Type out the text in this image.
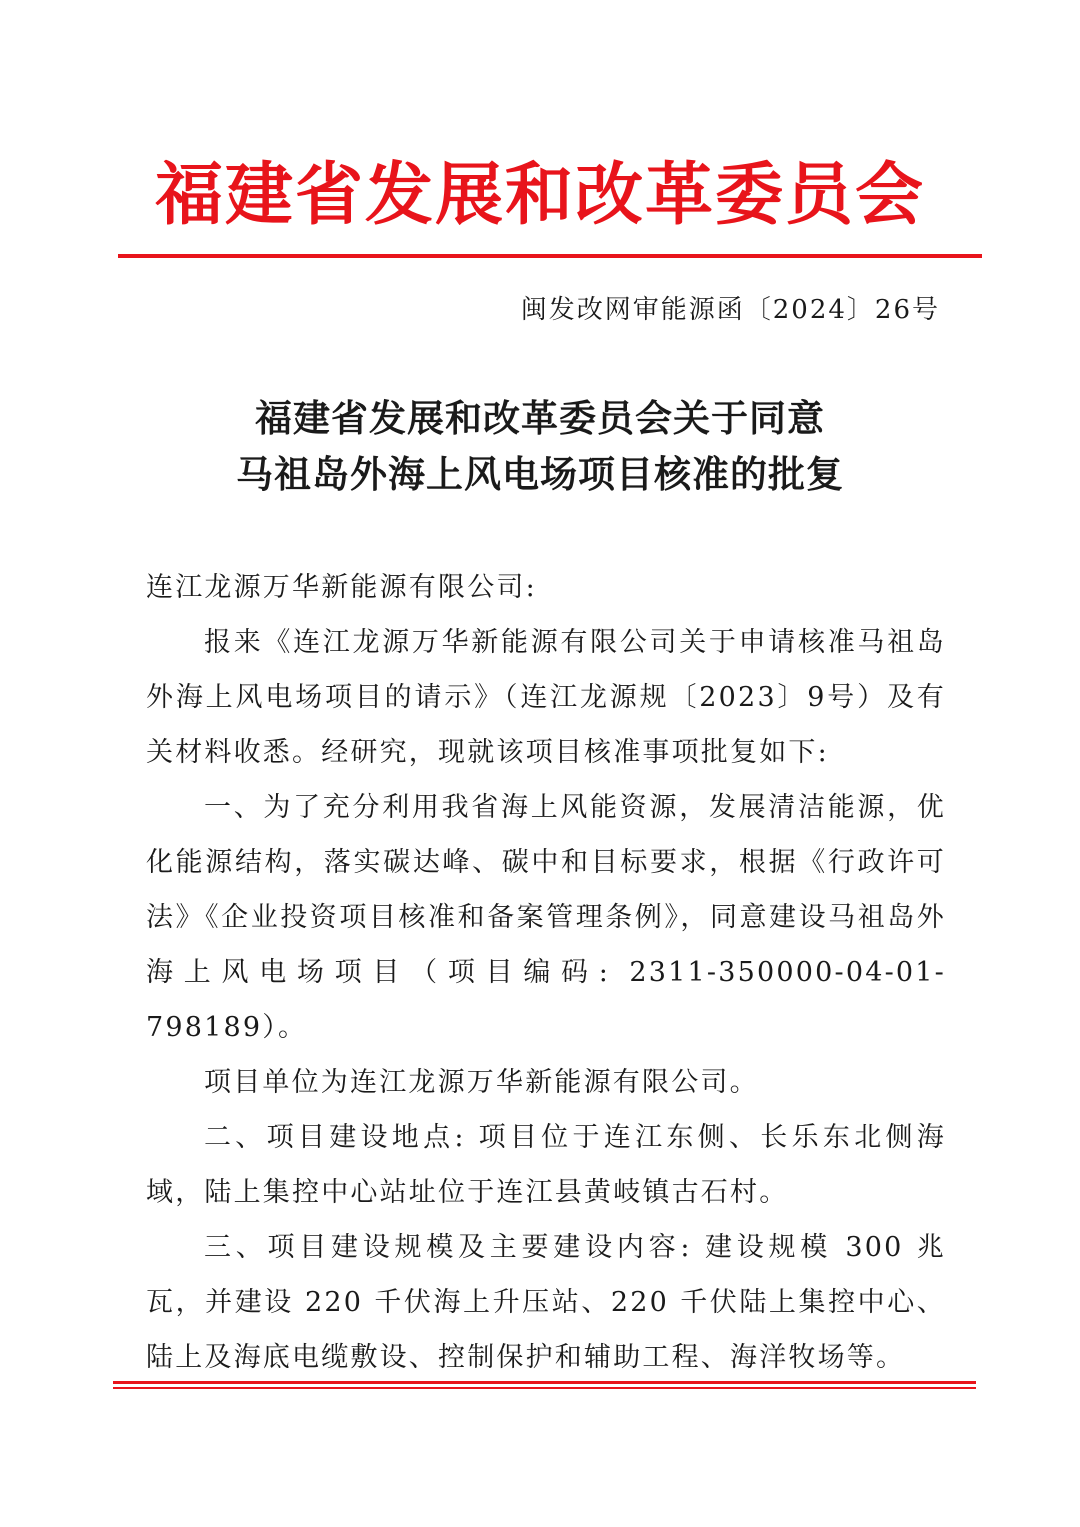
福建省发展和改革委员会
闽发改网审能源函〔2024〕26号
福建省发展和改革委员会关于同意
马祖岛外海上风电场项目核准的批复

连江龙源万华新能源有限公司:

报来《连江龙源万华新能源有限公司关于申请核准马祖岛外海上风电场项目的请示》（连江龙源规〔2023〕9号）及有关材料收悉。经研究，现就该项目核准事项批复如下:

一、为了充分利用我省海上风能资源，发展清洁能源，优化能源结构，落实碳达峰、碳中和目标要求，根据《行政许可法》《企业投资项目核准和备案管理条例》，同意建设马祖岛外海上风电场项目（项目编码: 2311-350000-04-01-798189）。

项目单位为连江龙源万华新能源有限公司。

二、项目建设地点: 项目位于连江东侧、长乐东北侧海域，陆上集控中心站址位于连江县黄岐镇古石村。

三、项目建设规模及主要建设内容: 建设规模 300 兆瓦，并建设 220 千伏海上升压站、220 千伏陆上集控中心、陆上及海底电缆敷设、控制保护和辅助工程、海洋牧场等。
